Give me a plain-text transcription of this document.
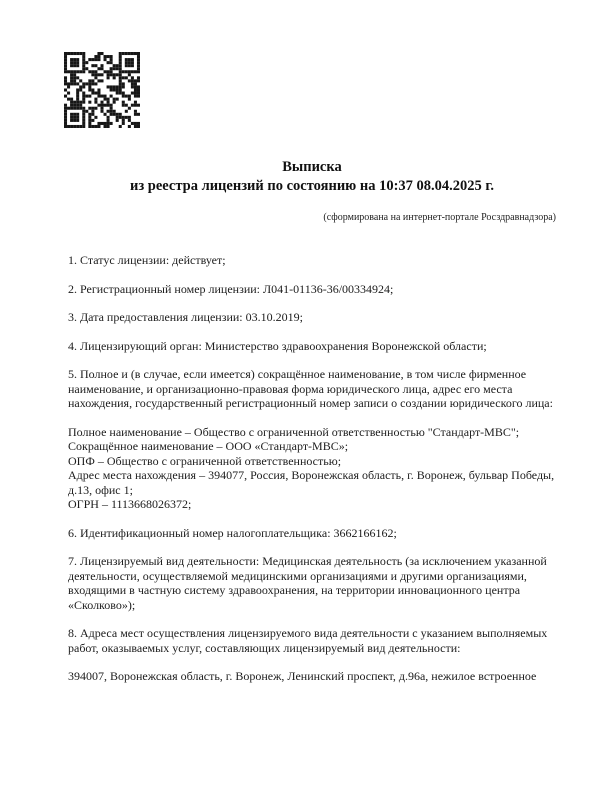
Выписка
из реестра лицензий по состоянию на 10:37 08.04.2025 г.
(сформирована на интернет-портале Росздравнадзора)

1. Статус лицензии: действует;

2. Регистрационный номер лицензии: Л041-01136-36/00334924;

3. Дата предоставления лицензии: 03.10.2019;

4. Лицензирующий орган: Министерство здравоохранения Воронежской области;

5. Полное и (в случае, если имеется) сокращённое наименование, в том числе фирменное наименование, и организационно-правовая форма юридического лица, адрес его места нахождения, государственный регистрационный номер записи о создании юридического лица:

Полное наименование – Общество с ограниченной ответственностью "Стандарт-МВС";

Сокращённое наименование – ООО «Стандарт-МВС»;

ОПФ – Общество с ограниченной ответственностью;

Адрес места нахождения – 394077, Россия, Воронежская область, г. Воронеж, бульвар Победы, д.13, офис 1;

ОГРН – 1113668026372;

6. Идентификационный номер налогоплательщика: 3662166162;

7. Лицензируемый вид деятельности: Медицинская деятельность (за исключением указанной деятельности, осуществляемой медицинскими организациями и другими организациями, входящими в частную систему здравоохранения, на территории инновационного центра «Сколково»);

8. Адреса мест осуществления лицензируемого вида деятельности с указанием выполняемых работ, оказываемых услуг, составляющих лицензируемый вид деятельности:

394007, Воронежская область, г. Воронеж, Ленинский проспект, д.96а, нежилое встроенное
